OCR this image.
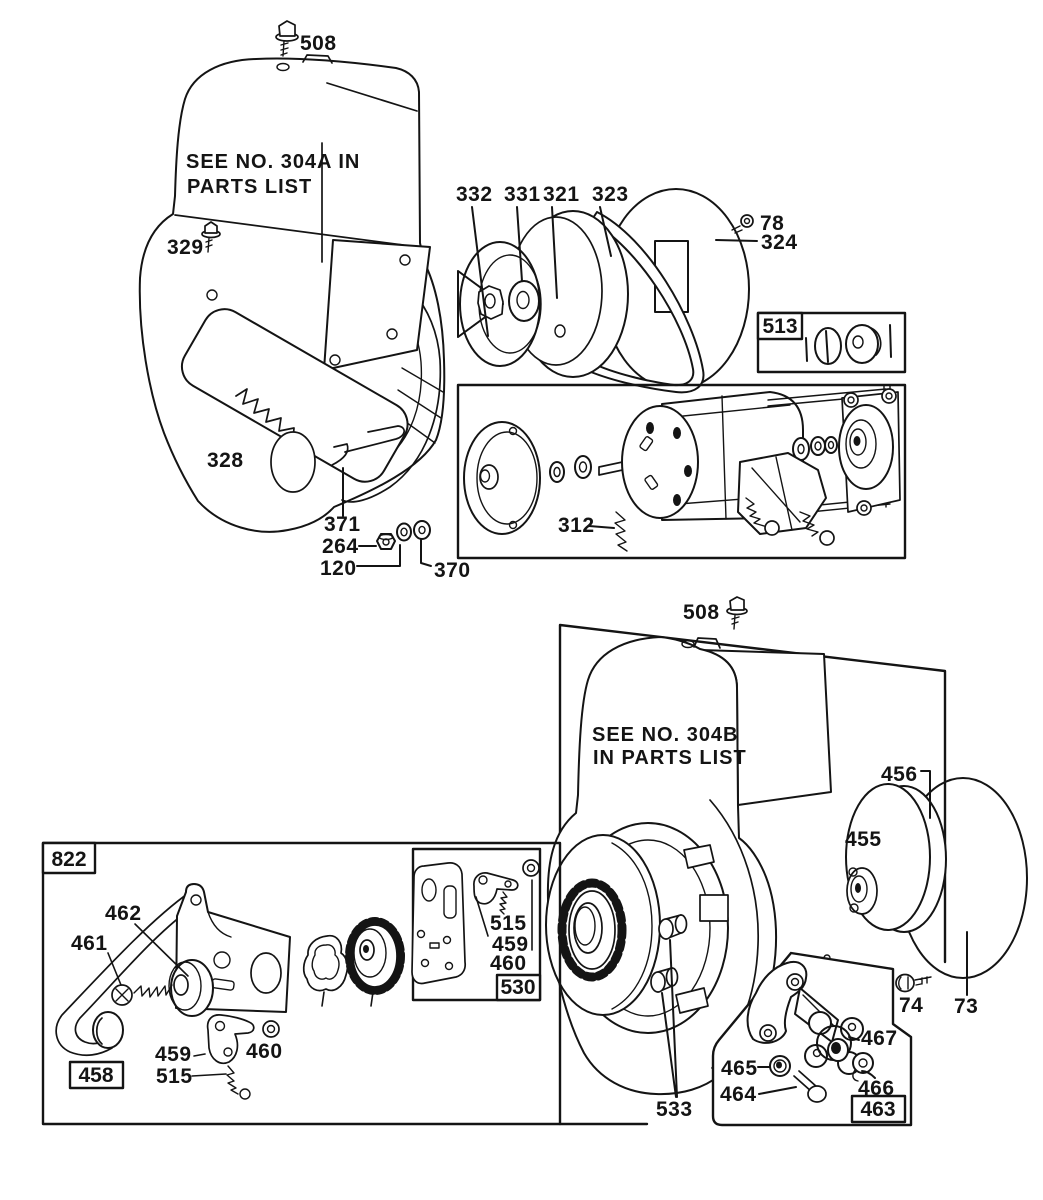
SEE NO. 304A IN
PARTS LIST
513
508
329
328
332 331 321 323
78
324
312
371
264
120	370
SEE NO. 304B
IN PARTS LIST
822
458
462
461
459
515
460
515
459
460
530
463
508
456
455
73
74
533
467
465
464	466
